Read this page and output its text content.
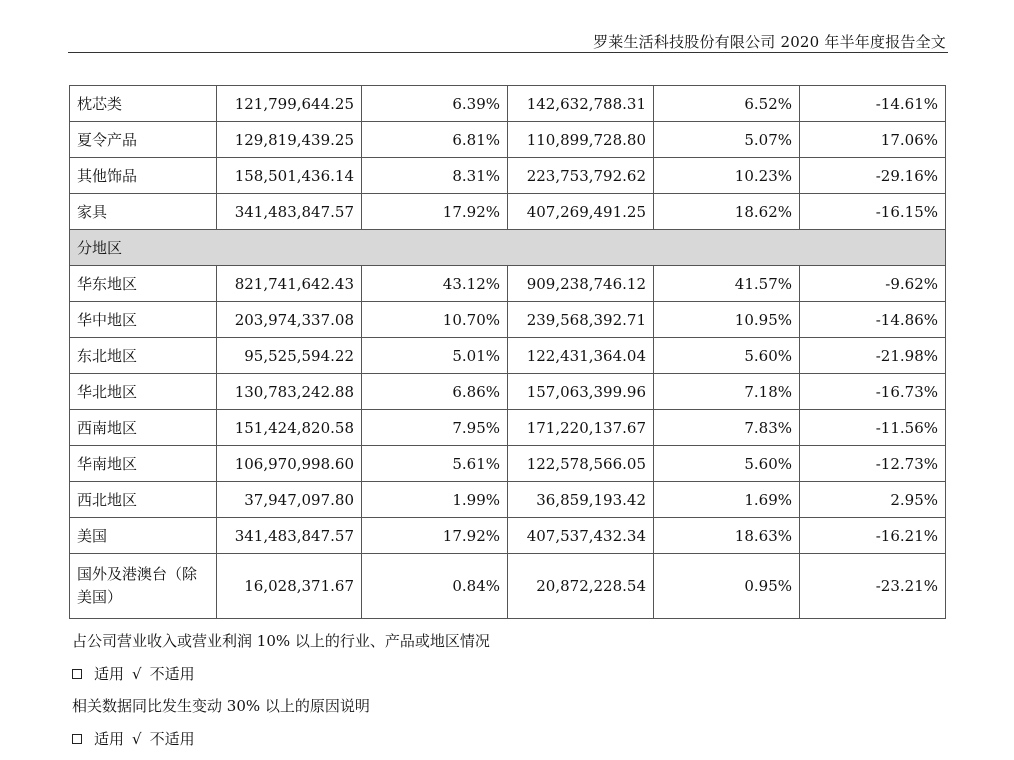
罗莱生活科技股份有限公司 2020 年半年度报告全文
枕芯类	121,799,644.25	6.39%	142,632,788.31	6.52%	-14.61%
夏令产品	129,819,439.25	6.81%	110,899,728.80	5.07%	17.06%
其他饰品	158,501,436.14	8.31%	223,753,792.62	10.23%	-29.16%
家具	341,483,847.57	17.92%	407,269,491.25	18.62%	-16.15%
分地区					
华东地区	821,741,642.43	43.12%	909,238,746.12	41.57%	-9.62%
华中地区	203,974,337.08	10.70%	239,568,392.71	10.95%	-14.86%
东北地区	95,525,594.22	5.01%	122,431,364.04	5.60%	-21.98%
华北地区	130,783,242.88	6.86%	157,063,399.96	7.18%	-16.73%
西南地区	151,424,820.58	7.95%	171,220,137.67	7.83%	-11.56%
华南地区	106,970,998.60	5.61%	122,578,566.05	5.60%	-12.73%
西北地区	37,947,097.80	1.99%	36,859,193.42	1.69%	2.95%
美国	341,483,847.57	17.92%	407,537,432.34	18.63%	-16.21%
国外及港澳台（除美国）	16,028,371.67	0.84%	20,872,228.54	0.95%	-23.21%
占公司营业收入或营业利润 10% 以上的行业、产品或地区情况
适用 √ 不适用
相关数据同比发生变动 30% 以上的原因说明
适用 √ 不适用
